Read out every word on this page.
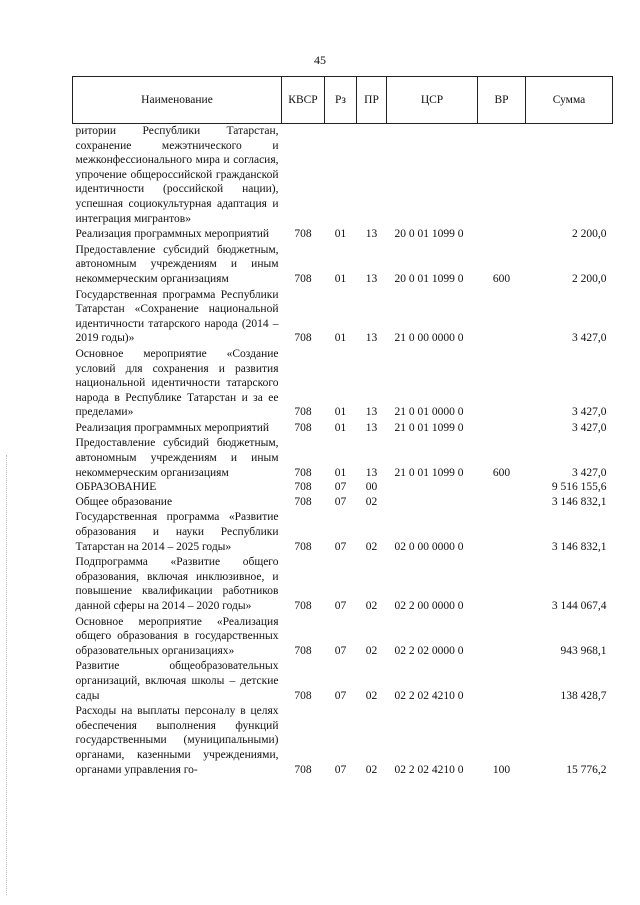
45
Наименование	КВСР	Рз	ПР	ЦСР	ВР	Сумма
ритории Республики Татарстан, сохранение межэтнического и межконфессионального мира и согласия, упрочение общероссийской гражданской идентичности (российской нации), успешная социокультурная адаптация и интеграция мигрантов»						
Реализация программных мероприятий	708	01	13	20 0 01 1099 0		2 200,0
Предоставление субсидий бюджетным, автономным учреждениям и иным некоммерческим организациям	708	01	13	20 0 01 1099 0	600	2 200,0
Государственная программа Республики Татарстан «Сохранение национальной идентичности татарского народа (2014 – 2019 годы)»	708	01	13	21 0 00 0000 0		3 427,0
Основное мероприятие «Создание условий для сохранения и развития национальной идентичности татарского народа в Республике Татарстан и за ее пределами»	708	01	13	21 0 01 0000 0		3 427,0
Реализация программных мероприятий	708	01	13	21 0 01 1099 0		3 427,0
Предоставление субсидий бюджетным, автономным учреждениям и иным некоммерческим организациям	708	01	13	21 0 01 1099 0	600	3 427,0
ОБРАЗОВАНИЕ	708	07	00			9 516 155,6
Общее образование	708	07	02			3 146 832,1
Государственная программа «Развитие образования и науки Республики Татарстан на 2014 – 2025 годы»	708	07	02	02 0 00 0000 0		3 146 832,1
Подпрограмма «Развитие общего образования, включая инклюзивное, и повышение квалификации работников данной сферы на 2014 – 2020 годы»	708	07	02	02 2 00 0000 0		3 144 067,4
Основное мероприятие «Реализация общего образования в государственных образовательных организациях»	708	07	02	02 2 02 0000 0		943 968,1
Развитие общеобразовательных организаций, включая школы – детские сады	708	07	02	02 2 02 4210 0		138 428,7
Расходы на выплаты персоналу в целях обеспечения выполнения функций государственными (муниципальными) органами, казенными учреждениями, органами управления го-	708	07	02	02 2 02 4210 0	100	15 776,2
